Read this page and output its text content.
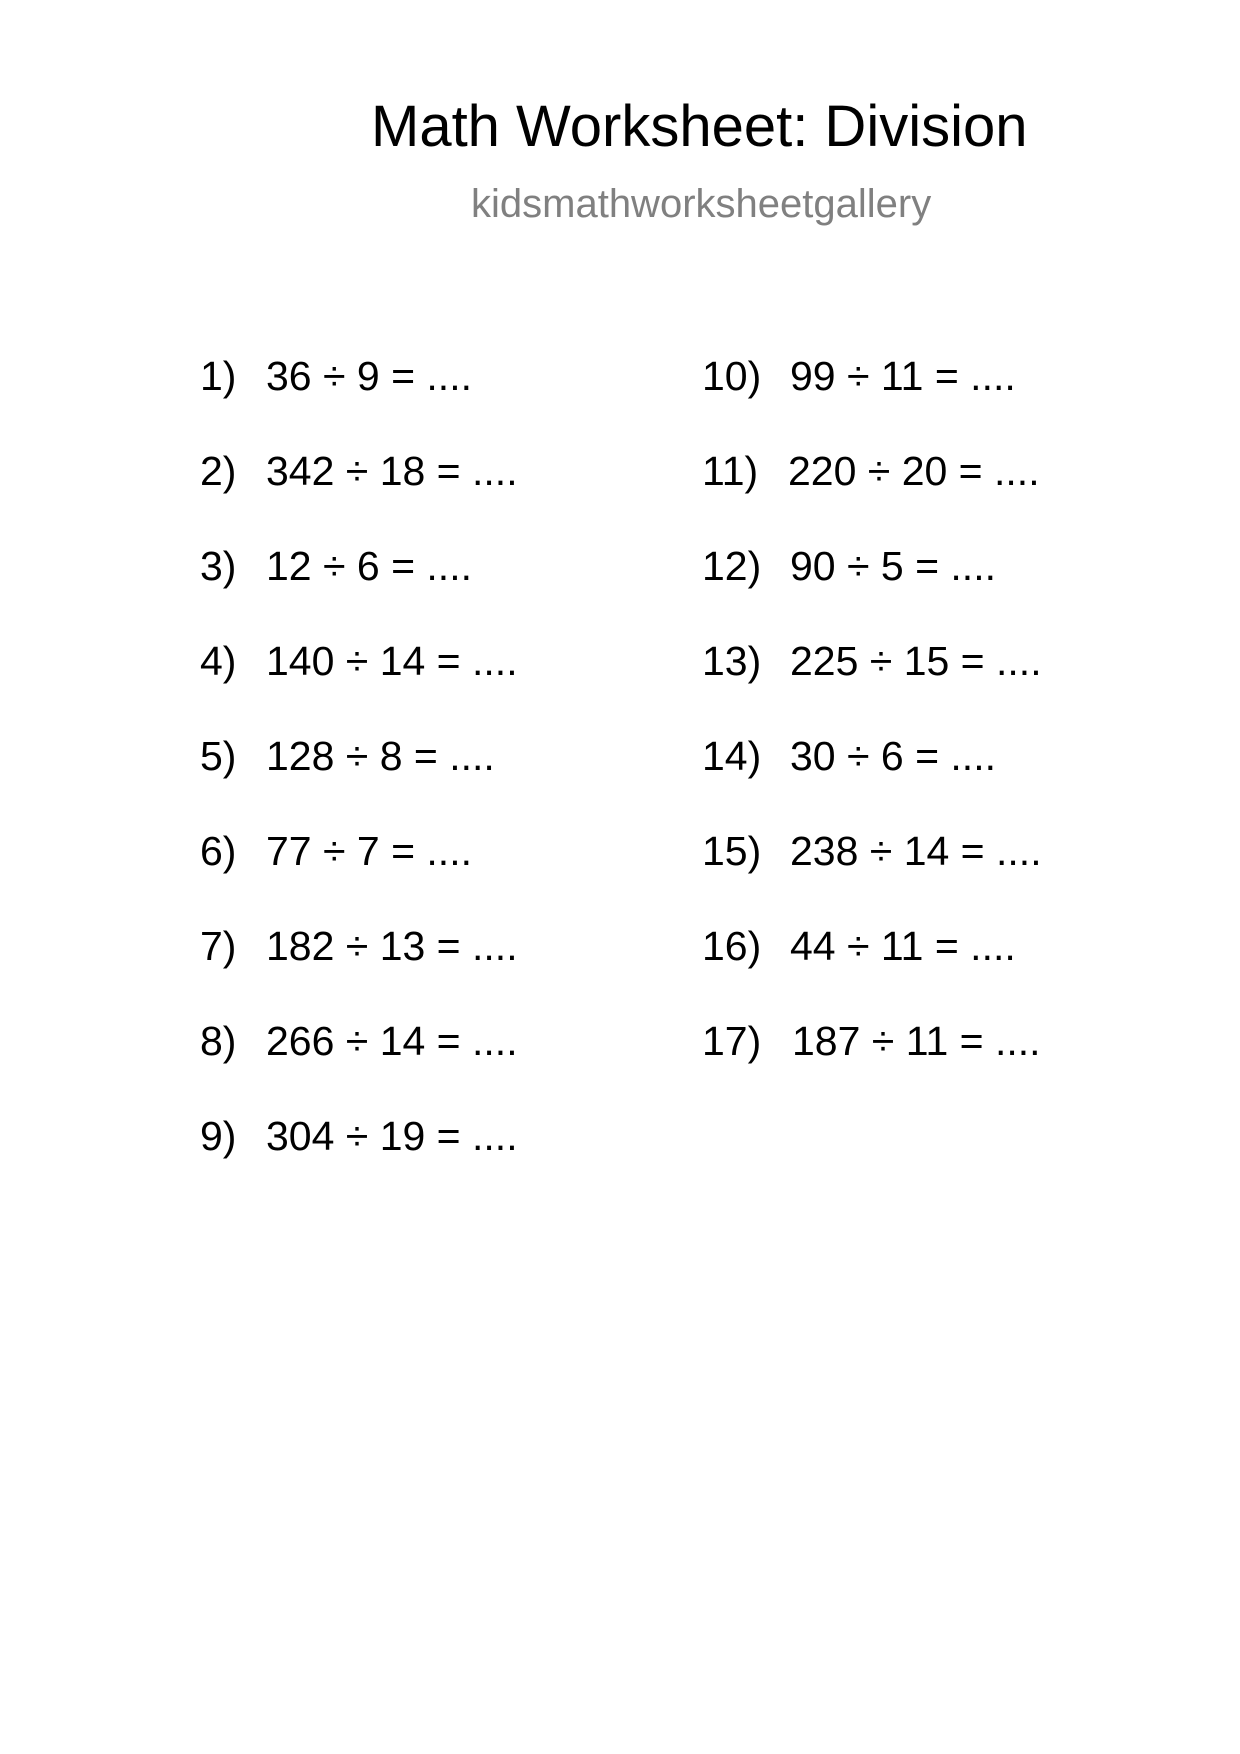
Math Worksheet: Division
kidsmathworksheetgallery
1) 36 ÷ 9 = ....
2) 342 ÷ 18 = ....
3) 12 ÷ 6 = ....
4) 140 ÷ 14 = ....
5) 128 ÷ 8 = ....
6) 77 ÷ 7 = ....
7) 182 ÷ 13 = ....
8) 266 ÷ 14 = ....
9) 304 ÷ 19 = ....
10) 99 ÷ 11 = ....
11) 220 ÷ 20 = ....
12) 90 ÷ 5 = ....
13) 225 ÷ 15 = ....
14) 30 ÷ 6 = ....
15) 238 ÷ 14 = ....
16) 44 ÷ 11 = ....
17) 187 ÷ 11 = ....
